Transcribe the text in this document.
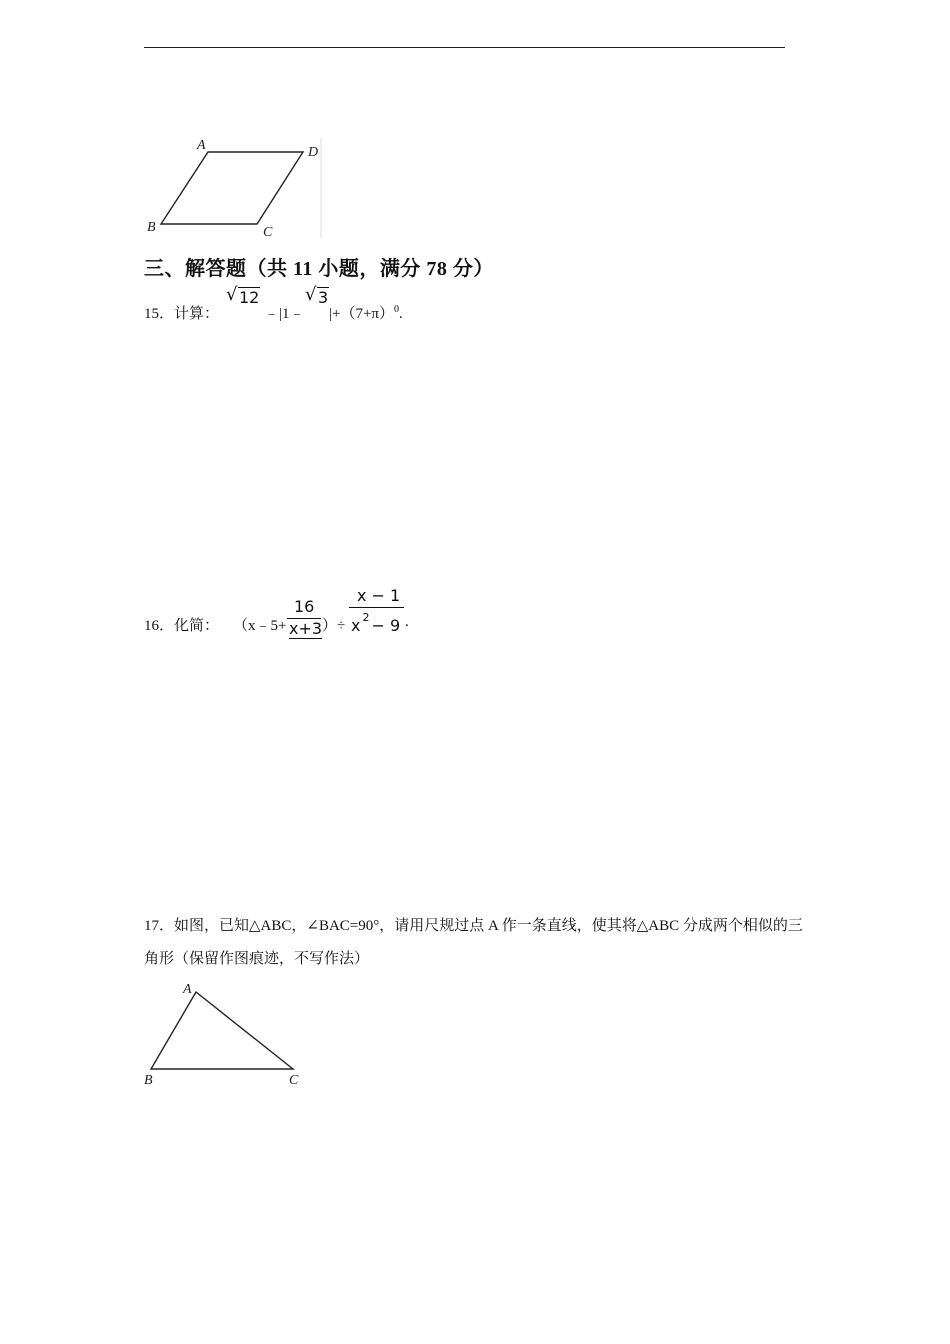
A	D
B	C
三、解答题（共 11 小题，满分 78 分）
15．计算：
√ 12
﹣|1﹣
√ 3
$|+(7+\pi)^0$.
16．化简： （x﹣5+
16
x+3 ）÷
x − 1
x $^2$ − 9 .
17．如图，已知△ABC，∠BAC=90°，请用尺规过点 A 作一条直线，使其将△ABC 分成两个相似的三角形（保留作图痕迹，不写作法）
A
B	C
